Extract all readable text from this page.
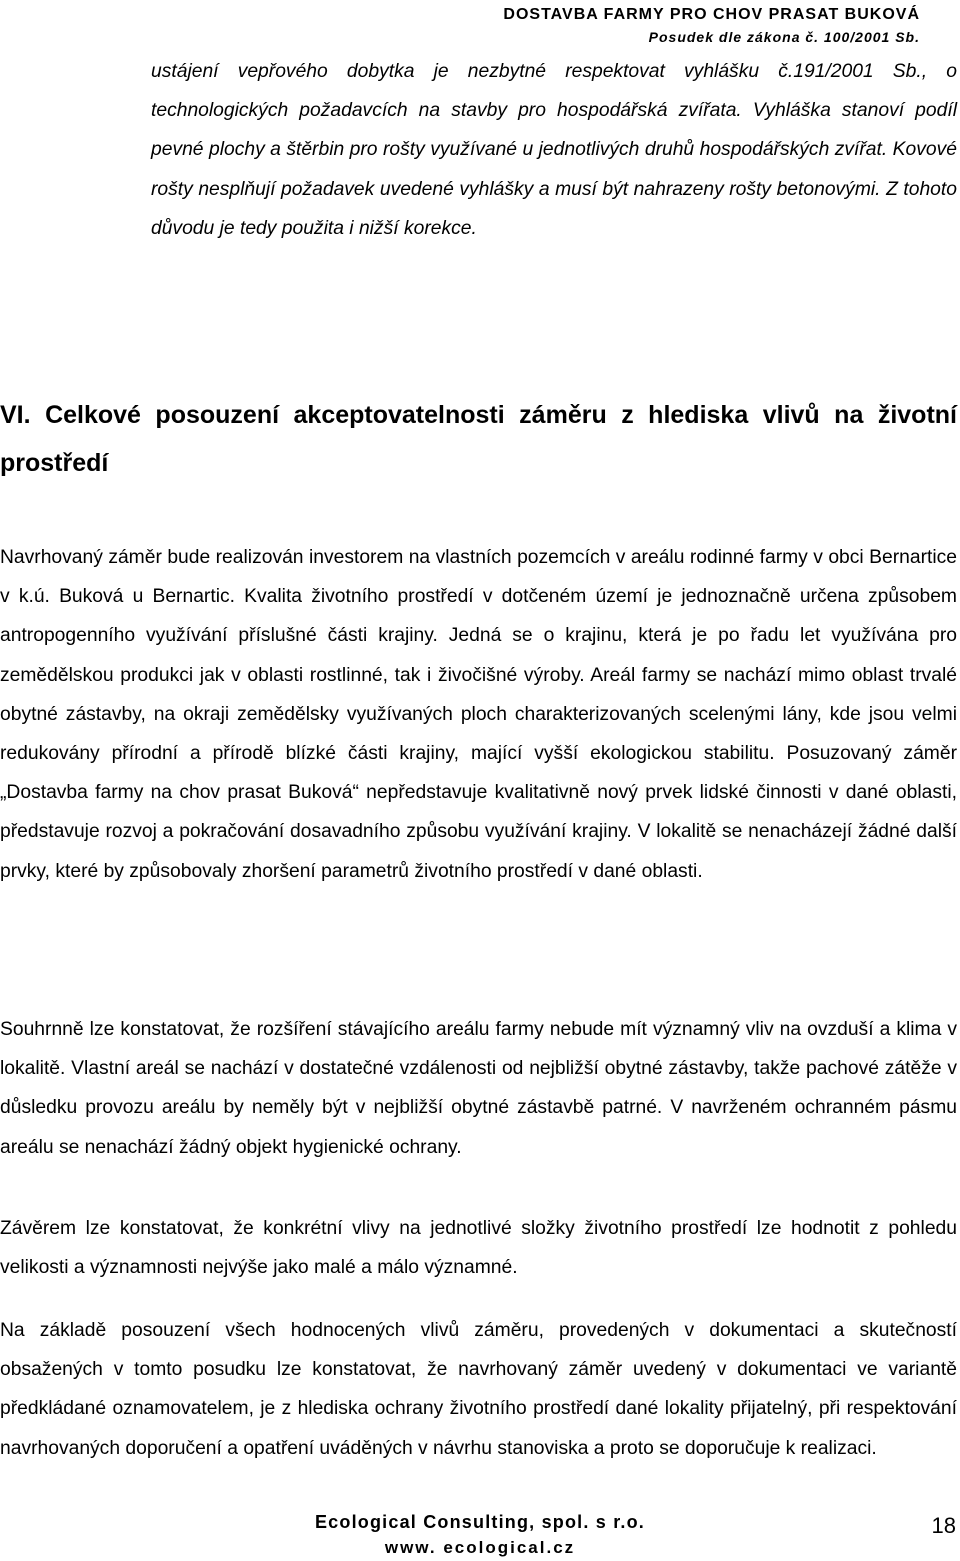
DOSTAVBA FARMY PRO CHOV PRASAT BUKOVÁ
Posudek dle zákona č. 100/2001 Sb.

ustájení vepřového dobytka je nezbytné respektovat vyhlášku č.191/2001 Sb., o technologických požadavcích na stavby pro hospodářská zvířata. Vyhláška stanoví podíl pevné plochy a štěrbin pro rošty využívané u jednotlivých druhů hospodářských zvířat. Kovové rošty nesplňují požadavek uvedené vyhlášky a musí být nahrazeny rošty betonovými. Z tohoto důvodu je tedy použita i nižší korekce.

VI. Celkové posouzení akceptovatelnosti záměru z hlediska vlivů na životní prostředí

Navrhovaný záměr bude realizován investorem na vlastních pozemcích v areálu rodinné farmy v obci Bernartice v k.ú. Buková u Bernartic. Kvalita životního prostředí v dotčeném území je jednoznačně určena způsobem antropogenního využívání příslušné části krajiny. Jedná se o krajinu, která je po řadu let využívána pro zemědělskou produkci jak v oblasti rostlinné, tak i živočišné výroby. Areál farmy se nachází mimo oblast trvalé obytné zástavby, na okraji zemědělsky využívaných ploch charakterizovaných scelenými lány, kde jsou velmi redukovány přírodní a přírodě blízké části krajiny, mající vyšší ekologickou stabilitu. Posuzovaný záměr „Dostavba farmy na chov prasat Buková“ nepředstavuje kvalitativně nový prvek lidské činnosti v dané oblasti, představuje rozvoj a pokračování dosavadního způsobu využívání krajiny. V lokalitě se nenacházejí žádné další prvky, které by způsobovaly zhoršení parametrů životního prostředí v dané oblasti.

Souhrnně lze konstatovat, že rozšíření stávajícího areálu farmy nebude mít významný vliv na ovzduší a klima v lokalitě. Vlastní areál se nachází v dostatečné vzdálenosti od nejbližší obytné zástavby, takže pachové zátěže v důsledku provozu areálu by neměly být v nejbližší obytné zástavbě patrné. V navrženém ochranném pásmu areálu se nenachází žádný objekt hygienické ochrany.

Závěrem lze konstatovat, že konkrétní vlivy na jednotlivé složky životního prostředí lze hodnotit z pohledu velikosti a významnosti nejvýše jako malé a málo významné.

Na základě posouzení všech hodnocených vlivů záměru, provedených v dokumentaci a skutečností obsažených v tomto posudku lze konstatovat, že navrhovaný záměr uvedený v dokumentaci ve variantě předkládané oznamovatelem, je z hlediska ochrany životního prostředí dané lokality přijatelný, při respektování navrhovaných doporučení a opatření uváděných v návrhu stanoviska a proto se doporučuje k realizaci.

Ecological Consulting, spol. s r.o.
www. ecological.cz
18
